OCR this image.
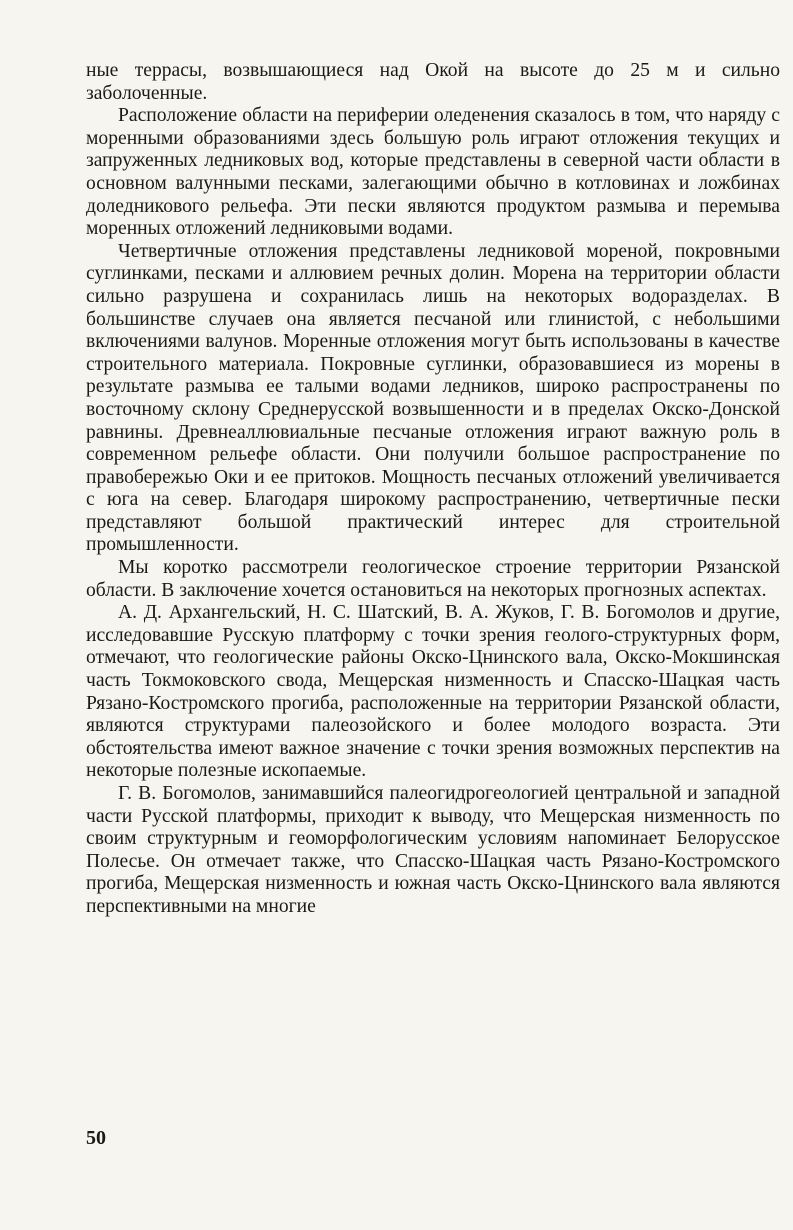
ные террасы, возвышающиеся над Окой на высоте до 25 м и сильно заболоченные.

Расположение области на периферии оледенения сказалось в том, что наряду с моренными образованиями здесь большую роль играют отложения текущих и запруженных ледниковых вод, которые представлены в северной части области в основном валунными песками, залегающими обычно в котловинах и ложбинах доледникового рельефа. Эти пески являются продуктом размыва и перемыва моренных отложений ледниковыми водами.

Четвертичные отложения представлены ледниковой мореной, покровными суглинками, песками и аллювием речных долин. Морена на территории области сильно разрушена и сохранилась лишь на некоторых водоразделах. В большинстве случаев она является песчаной или глинистой, с небольшими включениями валунов. Моренные отложения могут быть использованы в качестве строительного материала. Покровные суглинки, образовавшиеся из морены в результате размыва ее талыми водами ледников, широко распространены по восточному склону Среднерусской возвышенности и в пределах Окско-Донской равнины. Древнеаллювиальные песчаные отложения играют важную роль в современном рельефе области. Они получили большое распространение по правобережью Оки и ее притоков. Мощность песчаных отложений увеличивается с юга на север. Благодаря широкому распространению, четвертичные пески представляют большой практический интерес для строительной промышленности.

Мы коротко рассмотрели геологическое строение территории Рязанской области. В заключение хочется остановиться на некоторых прогнозных аспектах.

А. Д. Архангельский, Н. С. Шатский, В. А. Жуков, Г. В. Богомолов и другие, исследовавшие Русскую платформу с точки зрения геолого-структурных форм, отмечают, что геологические районы Окско-Цнинского вала, Окско-Мокшинская часть Токмоковского свода, Мещерская низменность и Спасско-Шацкая часть Рязано-Костромского прогиба, расположенные на территории Рязанской области, являются структурами палеозойского и более молодого возраста. Эти обстоятельства имеют важное значение с точки зрения возможных перспектив на некоторые полезные ископаемые.

Г. В. Богомолов, занимавшийся палеогидрогеологией центральной и западной части Русской платформы, приходит к выводу, что Мещерская низменность по своим структурным и геоморфологическим условиям напоминает Белорусское Полесье. Он отмечает также, что Спасско-Шацкая часть Рязано-Костромского прогиба, Мещерская низменность и южная часть Окско-Цнинского вала являются перспективными на многие

50
